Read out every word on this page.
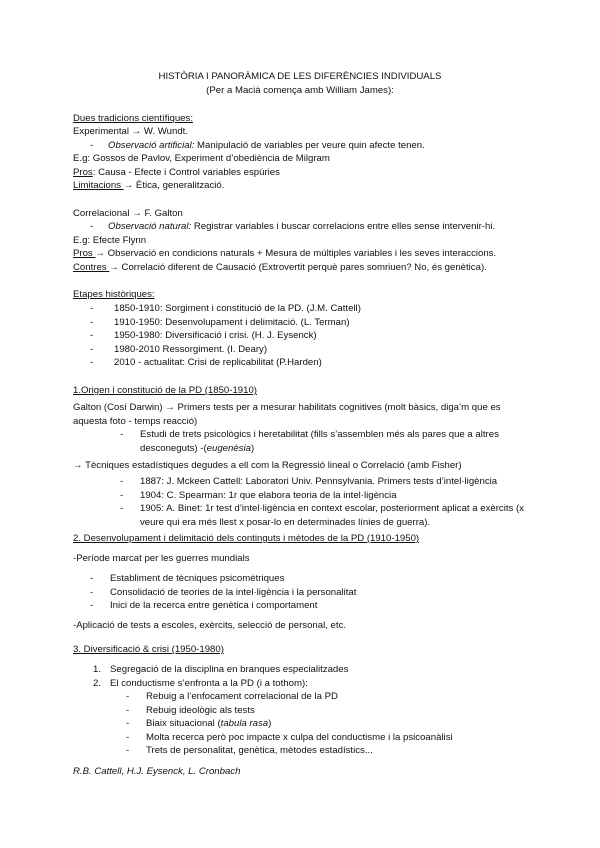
HISTÒRIA I PANORÀMICA DE LES DIFERÈNCIES INDIVIDUALS
(Per a Macià comença amb William James):
Dues tradicions científiques:
Experimental → W. Wundt.
- Observació artificial: Manipulació de variables per veure quin afecte tenen.
E.g: Gossos de Pavlov, Experiment d’obediència de Milgram
Pros: Causa - Efecte i Control variables espúries
Limitacions → Ètica, generalització.
Correlacional → F. Galton
- Observació natural: Registrar variables i buscar correlacions entre elles sense intervenir-hi.
E.g: Efecte Flynn
Pros → Observació en condicions naturals + Mesura de múltiples variables i les seves interaccions.
Contres → Correlació diferent de Causació (Extrovertit perquè pares somriuen? No, és genètica).
Etapes històriques:
- 1850-1910: Sorgiment i constitució de la PD. (J.M. Cattell)
- 1910-1950: Desenvolupament i delimitació. (L. Terman)
- 1950-1980: Diversificació i crisi. (H. J. Eysenck)
- 1980-2010 Ressorgiment. (I. Deary)
- 2010 - actualitat: Crisi de replicabilitat (P.Harden)
1.Origen i constitució de la PD (1850-1910)
Galton (Cosí Darwin) → Primers tests per a mesurar habilitats cognitives (molt bàsics, diga’m que es
aquesta foto - temps reacció)
- Estudi de trets psicològics i heretabilitat (fills s’assemblen més als pares que a altres
desconeguts) -(eugenèsia)
→ Tècniques estadístiques degudes a ell com la Regressió lineal o Correlació (amb Fisher)
- 1887: J. Mckeen Cattell: Laboratori Univ. Pennsylvania. Primers tests d’intel·ligència
- 1904: C. Spearman: 1r que elabora teoria de la intel·ligència
- 1905: A. Binet: 1r test d’intel·ligència en context escolar, posteriorment aplicat a exèrcits (x
veure qui era més llest x posar-lo en determinades línies de guerra).
2. Desenvolupament i delimitació dels continguts i mètodes de la PD (1910-1950)
-Període marcat per les guerres mundials
- Establiment de tècniques psicomètriques
- Consolidació de teories de la intel·ligència i la personalitat
- Inici de la recerca entre genètica i comportament
-Aplicació de tests a escoles, exèrcits, selecció de personal, etc.
3. Diversificació & crisi (1950-1980)
1. Segregació de la disciplina en branques especialitzades
2. El conductisme s’enfronta a la PD (i a tothom):
- Rebuig a l’enfocament correlacional de la PD
- Rebuig ideològic als tests
- Biaix situacional (tabula rasa)
- Molta recerca però poc impacte x culpa del conductisme i la psicoanàlisi
- Trets de personalitat, genètica, mètodes estadístics...
R.B. Cattell, H.J. Eysenck, L. Cronbach
